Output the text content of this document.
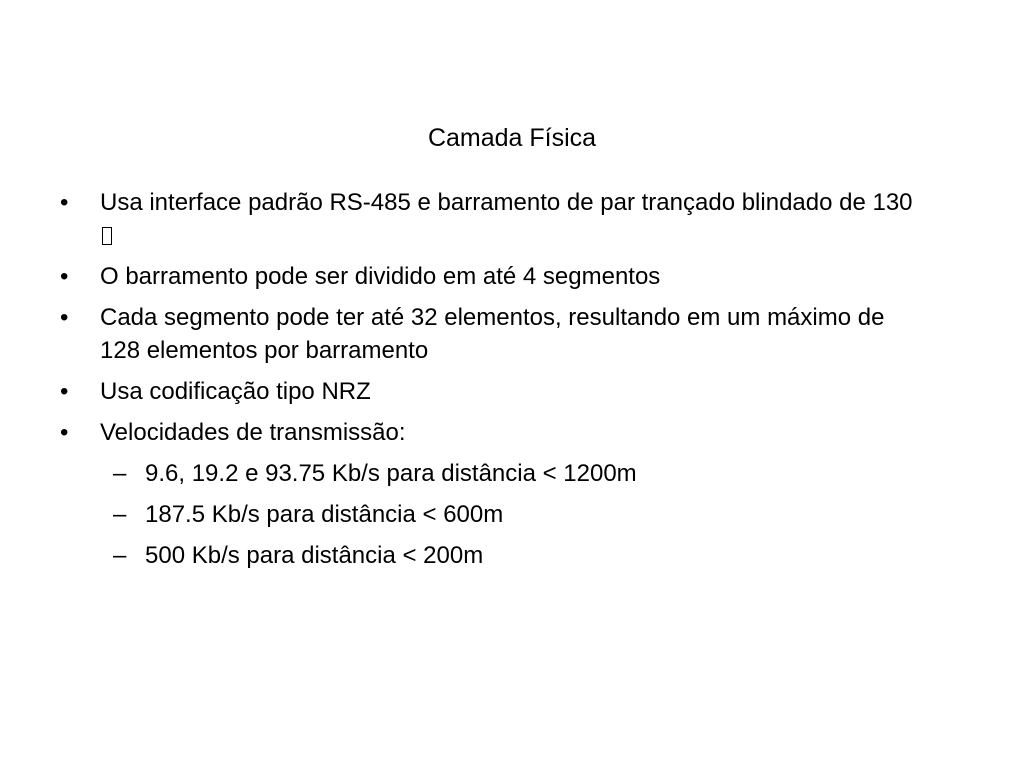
Camada Física
•	Usa interface padrão RS-485 e barramento de par trançado blindado de 130
•	O barramento pode ser dividido em até 4 segmentos
•	Cada segmento pode ter até 32 elementos, resultando em um máximo de 128 elementos por barramento
•	Usa codificação tipo NRZ
•	Velocidades de transmissão:
– 9.6, 19.2 e 93.75 Kb/s para distância < 1200m
– 187.5 Kb/s para distância < 600m
– 500 Kb/s para distância < 200m
